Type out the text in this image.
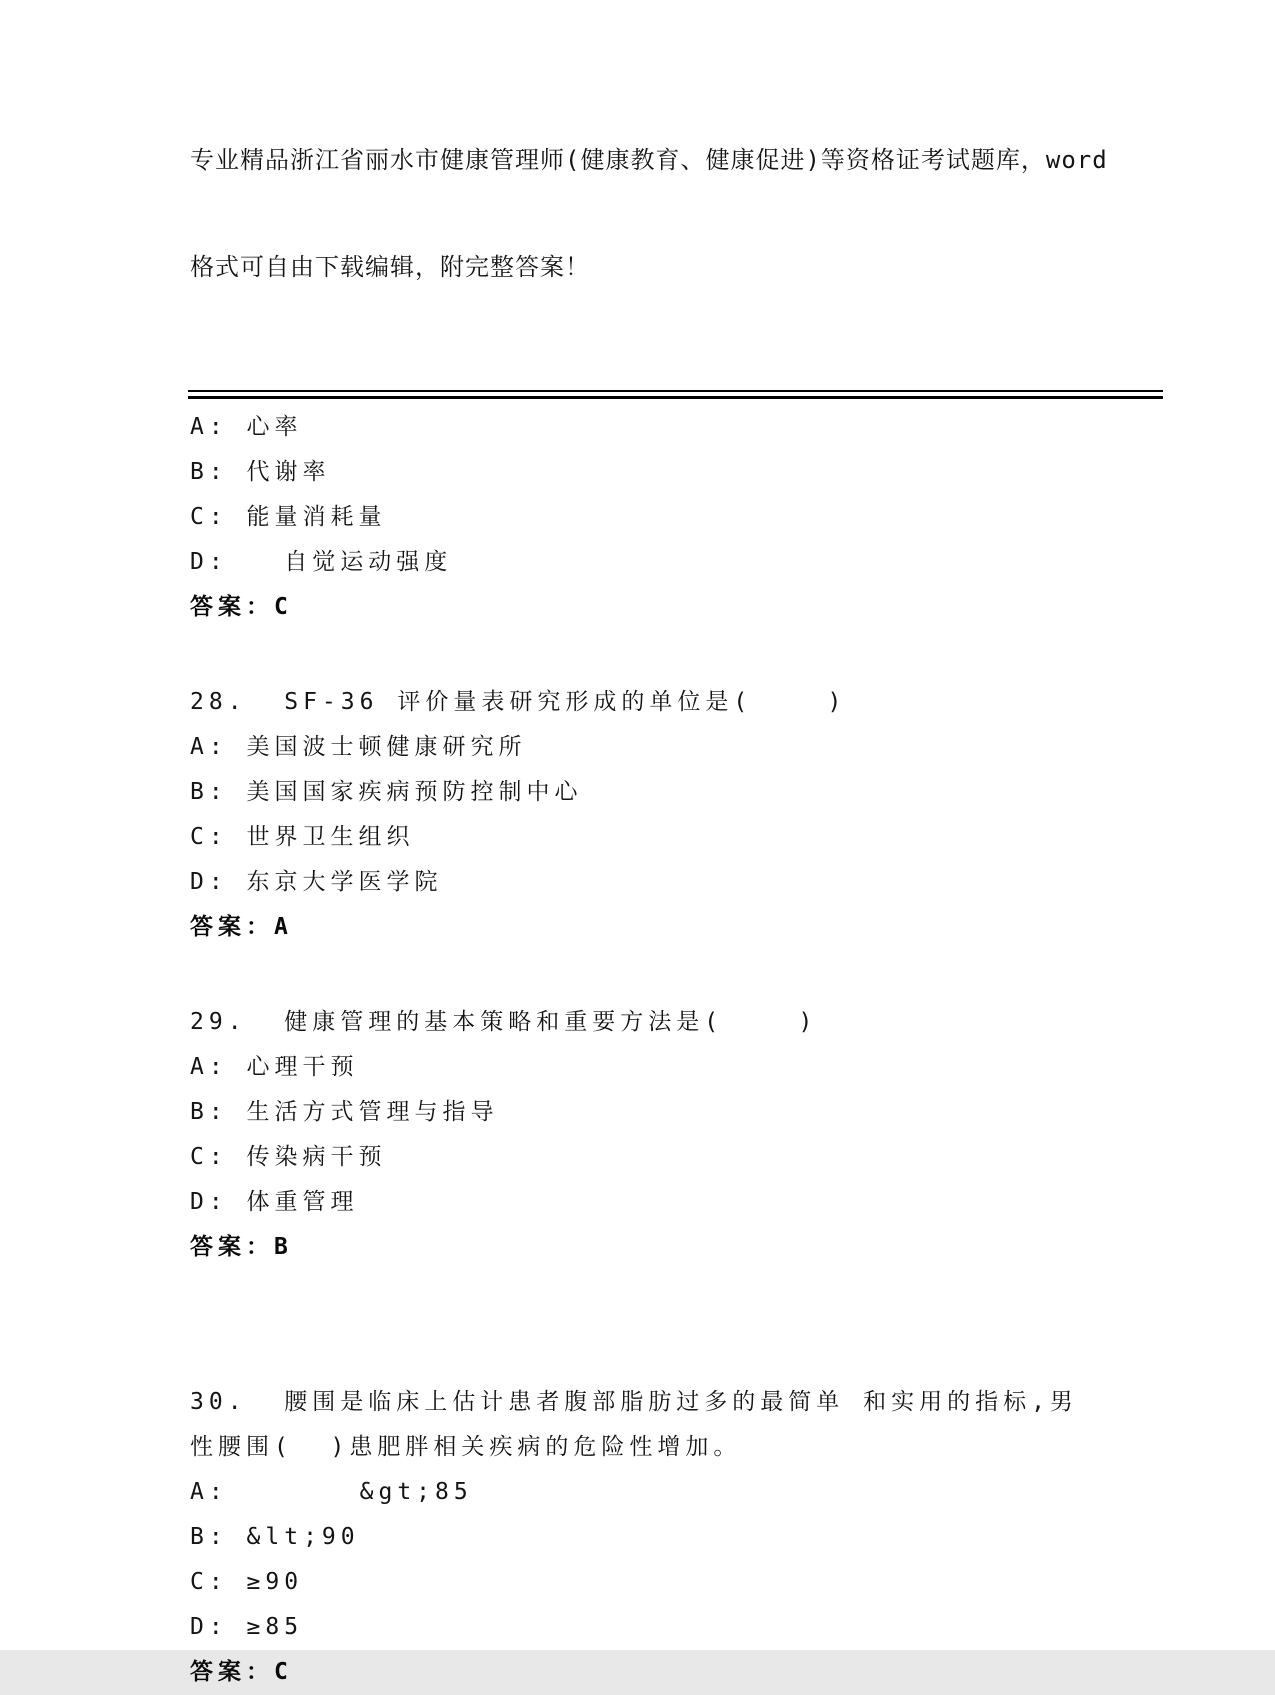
专业精品浙江省丽水市健康管理师(健康教育、健康促进)等资格证考试题库，word

格式可自由下载编辑，附完整答案！

A: 心率
B: 代谢率
C: 能量消耗量
D:   自觉运动强度
答案：C
28.  SF-36 评价量表研究形成的单位是(    )
A: 美国波士顿健康研究所
B: 美国国家疾病预防控制中心
C: 世界卫生组织
D: 东京大学医学院
答案：A
29.  健康管理的基本策略和重要方法是(    )
A: 心理干预
B: 生活方式管理与指导
C: 传染病干预
D: 体重管理
答案：B
30.  腰围是临床上估计患者腹部脂肪过多的最简单 和实用的指标,男
性腰围(  )患肥胖相关疾病的危险性增加。
A:       &gt;85
B: &lt;90
C: ≥90
D: ≥85
答案：C
